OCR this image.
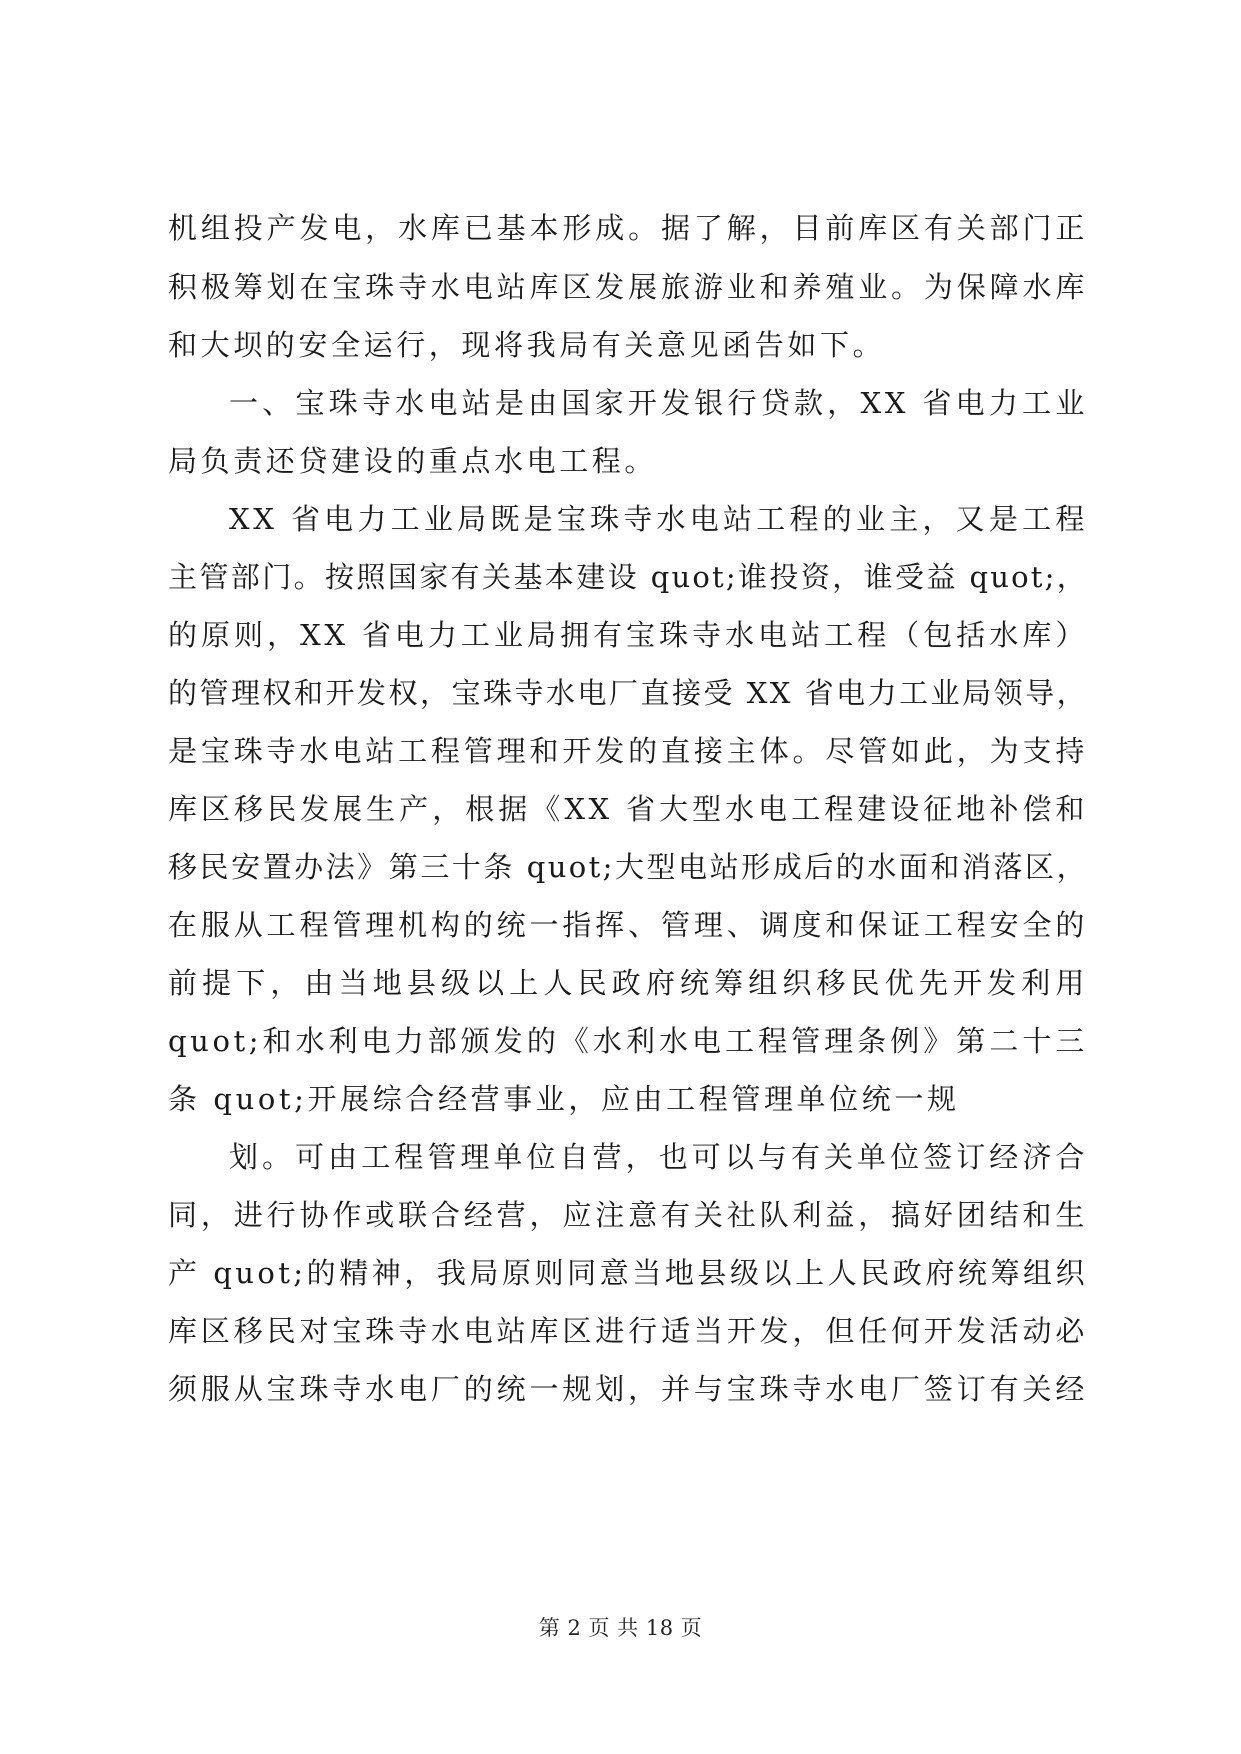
机组投产发电，水库已基本形成。据了解，目前库区有关部门正
积极筹划在宝珠寺水电站库区发展旅游业和养殖业。为保障水库
和大坝的安全运行，现将我局有关意见函告如下。
一、宝珠寺水电站是由国家开发银行贷款，XX 省电力工业
局负责还贷建设的重点水电工程。
XX 省电力工业局既是宝珠寺水电站工程的业主，又是工程
主管部门。按照国家有关基本建设 quot;谁投资，谁受益 quot;，
的原则，XX 省电力工业局拥有宝珠寺水电站工程（包括水库）
的管理权和开发权，宝珠寺水电厂直接受 XX 省电力工业局领导，
是宝珠寺水电站工程管理和开发的直接主体。尽管如此，为支持
库区移民发展生产，根据《XX 省大型水电工程建设征地补偿和
移民安置办法》第三十条 quot;大型电站形成后的水面和消落区，
在服从工程管理机构的统一指挥、管理、调度和保证工程安全的
前提下，由当地县级以上人民政府统筹组织移民优先开发利用
quot;和水利电力部颁发的《水利水电工程管理条例》第二十三
条 quot;开展综合经营事业，应由工程管理单位统一规
划。可由工程管理单位自营，也可以与有关单位签订经济合
同，进行协作或联合经营，应注意有关社队利益，搞好团结和生
产 quot;的精神，我局原则同意当地县级以上人民政府统筹组织
库区移民对宝珠寺水电站库区进行适当开发，但任何开发活动必
须服从宝珠寺水电厂的统一规划，并与宝珠寺水电厂签订有关经
第 2 页 共 18 页
